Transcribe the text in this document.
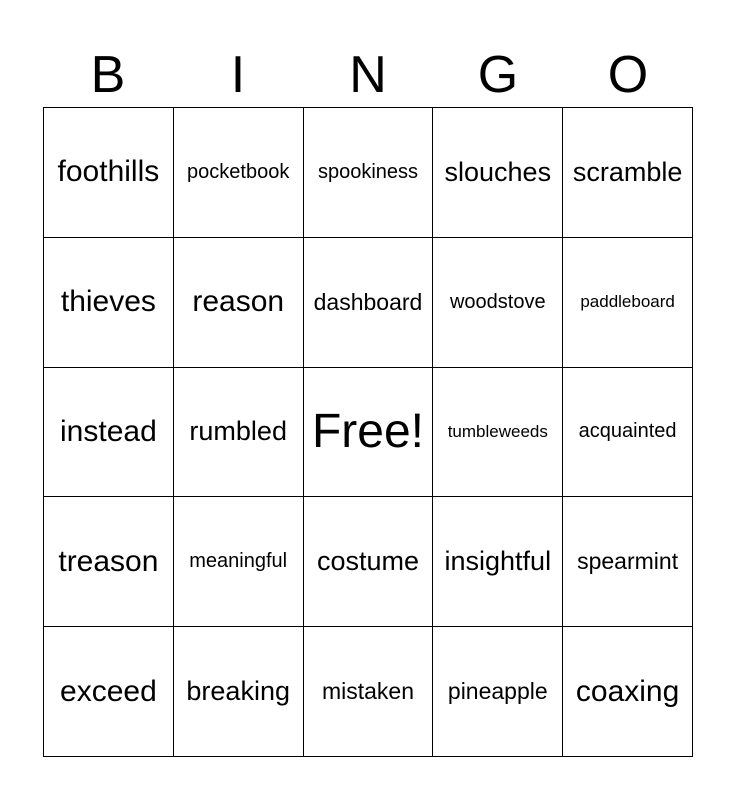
B	I	N	G	O
foothills pocketbook spookiness slouches scramble
thieves reason dashboard woodstove paddleboard
instead rumbled Free! tumbleweeds acquainted
treason meaningful costume insightful spearmint
exceed breaking mistaken pineapple coaxing
